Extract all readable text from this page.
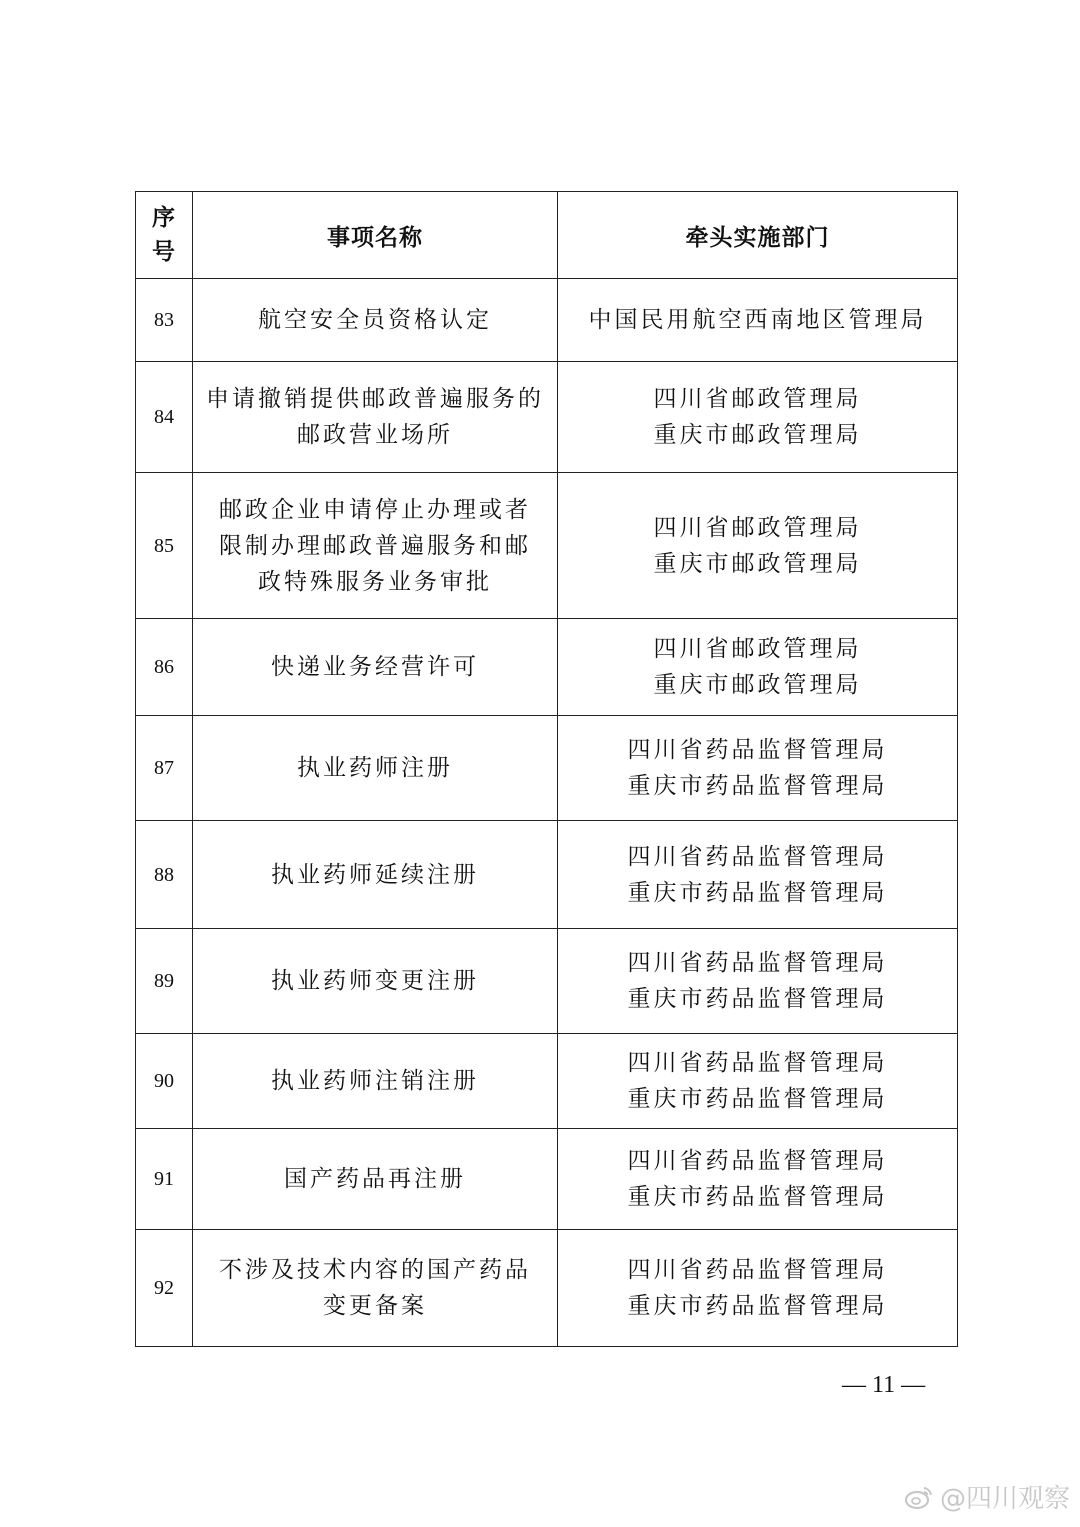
序
号	事项名称	牵头实施部门
83	航空安全员资格认定	中国民用航空西南地区管理局

84	申请撤销提供邮政普遍服务的
邮政营业场所	四川省邮政管理局
重庆市邮政管理局

85	邮政企业申请停止办理或者
限制办理邮政普遍服务和邮
政特殊服务业务审批	四川省邮政管理局
重庆市邮政管理局

86	快递业务经营许可	四川省邮政管理局
重庆市邮政管理局

87	执业药师注册	四川省药品监督管理局
重庆市药品监督管理局

88	执业药师延续注册	四川省药品监督管理局
重庆市药品监督管理局

89	执业药师变更注册	四川省药品监督管理局
重庆市药品监督管理局

90	执业药师注销注册	四川省药品监督管理局
重庆市药品监督管理局

91	国产药品再注册	四川省药品监督管理局
重庆市药品监督管理局

92	不涉及技术内容的国产药品
变更备案	四川省药品监督管理局
重庆市药品监督管理局
— 11 —
@四川观察
